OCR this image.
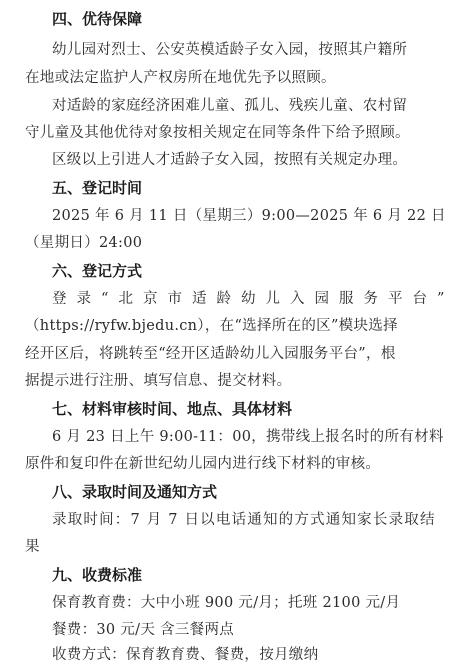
四、优待保障
幼儿园对烈士、公安英模适龄子女入园，按照其户籍所
在地或法定监护人产权房所在地优先予以照顾。
对适龄的家庭经济困难儿童、孤儿、残疾儿童、农村留
守儿童及其他优待对象按相关规定在同等条件下给予照顾。
区级以上引进人才适龄子女入园，按照有关规定办理。
五、登记时间
2025 年 6 月 11 日（星期三）9:00—2025 年 6 月 22 日
（星期日）24:00
六、登记方式
登 录 “ 北 京 市 适 龄 幼 儿 入 园 服 务 平 台 ”
（https://ryfw.bjedu.cn），在“选择所在的区”模块选择
经开区后，将跳转至“经开区适龄幼儿入园服务平台”，根
据提示进行注册、填写信息、提交材料。
七、材料审核时间、地点、具体材料
6 月 23 日上午 9:00-11：00，携带线上报名时的所有材料
原件和复印件在新世纪幼儿园内进行线下材料的审核。
八、录取时间及通知方式
录取时间：7 月 7 日以电话通知的方式通知家长录取结
果
九、收费标准
保育教育费：大中小班 900 元/月；托班 2100 元/月
餐费：30 元/天 含三餐两点
收费方式：保育教育费、餐费，按月缴纳
